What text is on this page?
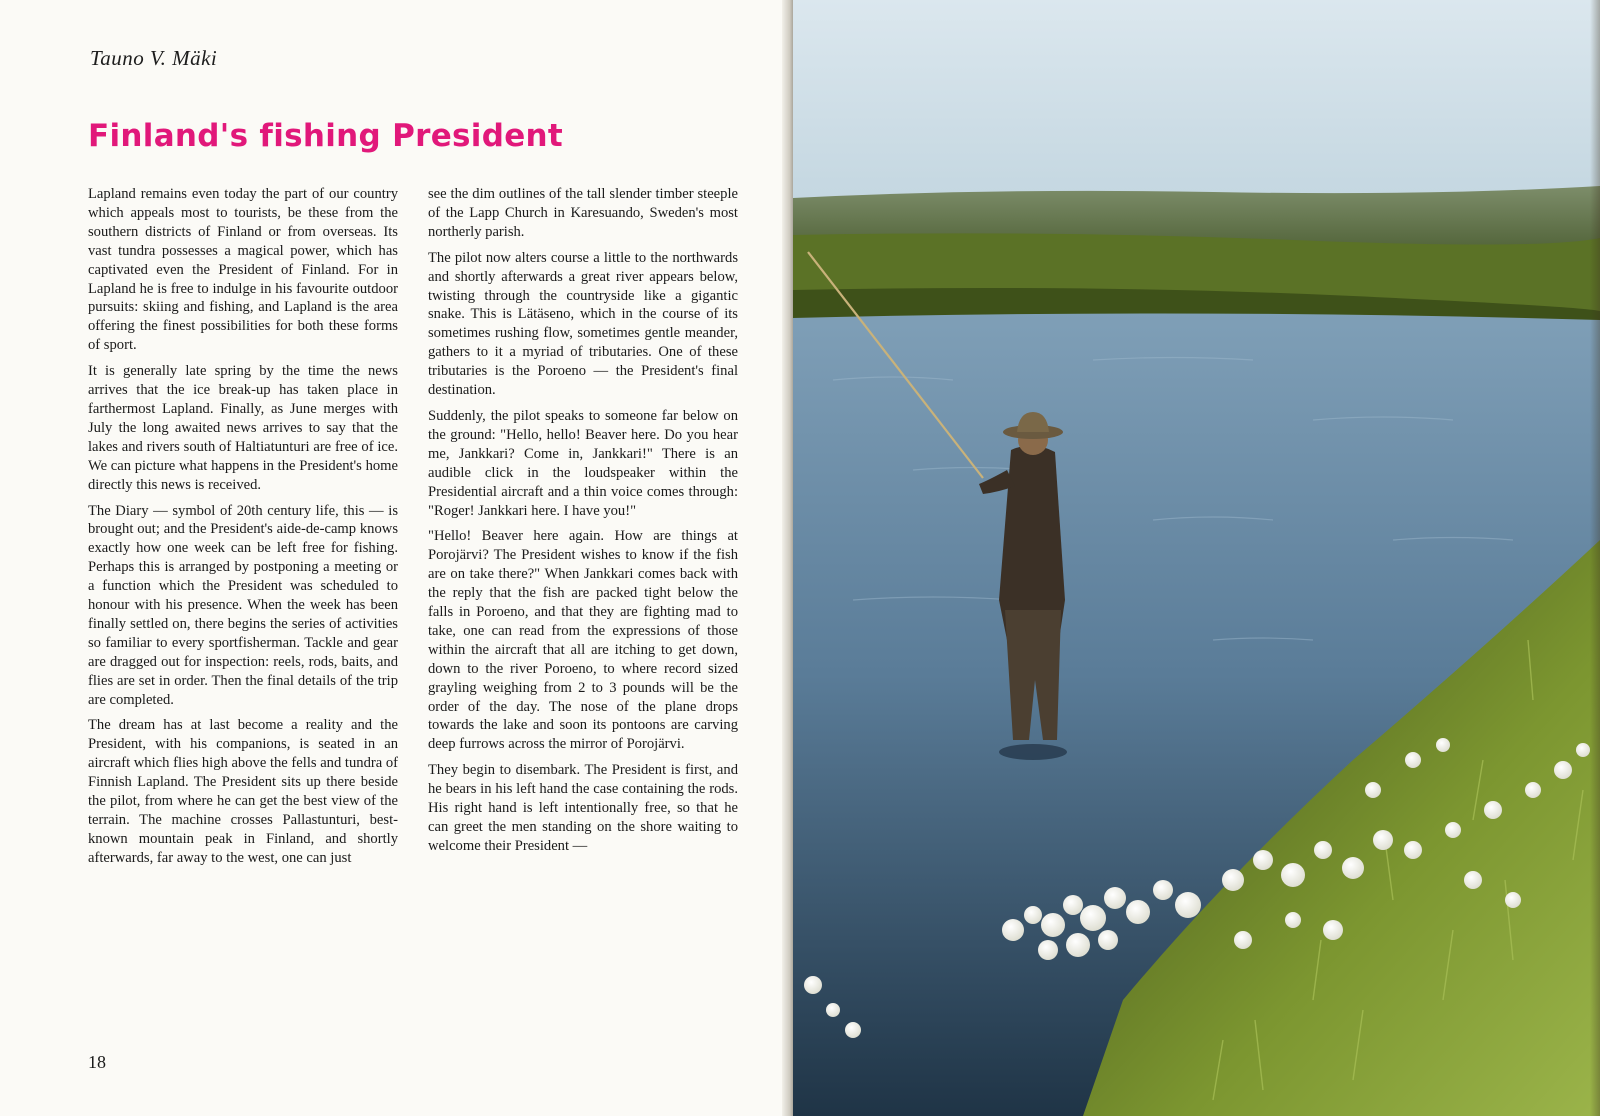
Tauno V. Mäki
Finland's fishing President

Lapland remains even today the part of our country which appeals most to tourists, be these from the southern districts of Finland or from overseas. Its vast tundra possesses a magical power, which has captivated even the President of Finland. For in Lapland he is free to indulge in his favourite outdoor pursuits: skiing and fishing, and Lapland is the area offering the finest possibilities for both these forms of sport.

It is generally late spring by the time the news arrives that the ice break-up has taken place in farthermost Lapland. Finally, as June merges with July the long awaited news arrives to say that the lakes and rivers south of Haltiatunturi are free of ice. We can picture what happens in the President's home directly this news is received.

The Diary — symbol of 20th century life, this — is brought out; and the President's aide-de-camp knows exactly how one week can be left free for fishing. Perhaps this is arranged by postponing a meeting or a function which the President was scheduled to honour with his presence. When the week has been finally settled on, there begins the series of activities so familiar to every sportfisherman. Tackle and gear are dragged out for inspection: reels, rods, baits, and flies are set in order. Then the final details of the trip are completed.

The dream has at last become a reality and the President, with his companions, is seated in an aircraft which flies high above the fells and tundra of Finnish Lapland. The President sits up there beside the pilot, from where he can get the best view of the terrain. The machine crosses Pallastunturi, best-known mountain peak in Finland, and shortly afterwards, far away to the west, one can just

see the dim outlines of the tall slender timber steeple of the Lapp Church in Karesuando, Sweden's most northerly parish.

The pilot now alters course a little to the northwards and shortly afterwards a great river appears below, twisting through the countryside like a gigantic snake. This is Lätäseno, which in the course of its sometimes rushing flow, sometimes gentle meander, gathers to it a myriad of tributaries. One of these tributaries is the Poroeno — the President's final destination.

Suddenly, the pilot speaks to someone far below on the ground: "Hello, hello! Beaver here. Do you hear me, Jankkari? Come in, Jankkari!" There is an audible click in the loudspeaker within the Presidential aircraft and a thin voice comes through: "Roger! Jankkari here. I have you!"

"Hello! Beaver here again. How are things at Porojärvi? The President wishes to know if the fish are on take there?" When Jankkari comes back with the reply that the fish are packed tight below the falls in Poroeno, and that they are fighting mad to take, one can read from the expressions of those within the aircraft that all are itching to get down, down to the river Poroeno, to where record sized grayling weighing from 2 to 3 pounds will be the order of the day. The nose of the plane drops towards the lake and soon its pontoons are carving deep furrows across the mirror of Porojärvi.

They begin to disembark. The President is first, and he bears in his left hand the case containing the rods. His right hand is left intentionally free, so that he can greet the men standing on the shore waiting to welcome their President —

18
